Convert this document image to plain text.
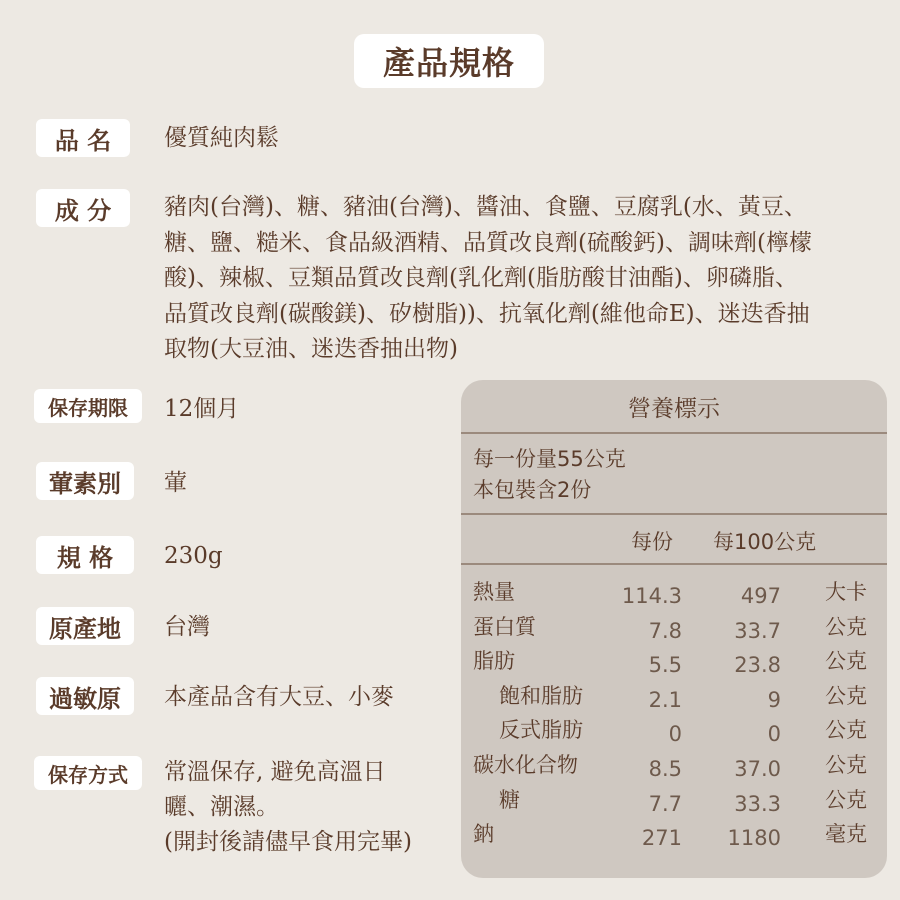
產品規格
品 名	優質純肉鬆
成 分	豬肉(台灣)、糖、豬油(台灣)、醬油、食鹽、豆腐乳(水、黃豆、糖、鹽、糙米、食品級酒精、品質改良劑(硫酸鈣)、調味劑(檸檬酸)、辣椒、豆類品質改良劑(乳化劑(脂肪酸甘油酯)、卵磷脂、品質改良劑(碳酸鎂)、矽樹脂))、抗氧化劑(維他命E)、迷迭香抽取物(大豆油、迷迭香抽出物)
保存期限	12個月
葷素別	葷
規 格	230g
原產地	台灣
過敏原	本產品含有大豆、小麥
保存方式	常溫保存, 避免高溫日
曬、潮濕。
(開封後請儘早食用完畢)
營養標示
每一份量55公克
本包裝含2份
每份 每100公克
熱量	114.3	497 大卡
蛋白質	7.8 33.7 公克
脂肪	5.5 23.8 公克
飽和脂肪	2.1	9 公克
反式脂肪	0	0 公克
碳水化合物	8.5 37.0 公克
糖	7.7 33.3 公克
鈉	271 1180 毫克
